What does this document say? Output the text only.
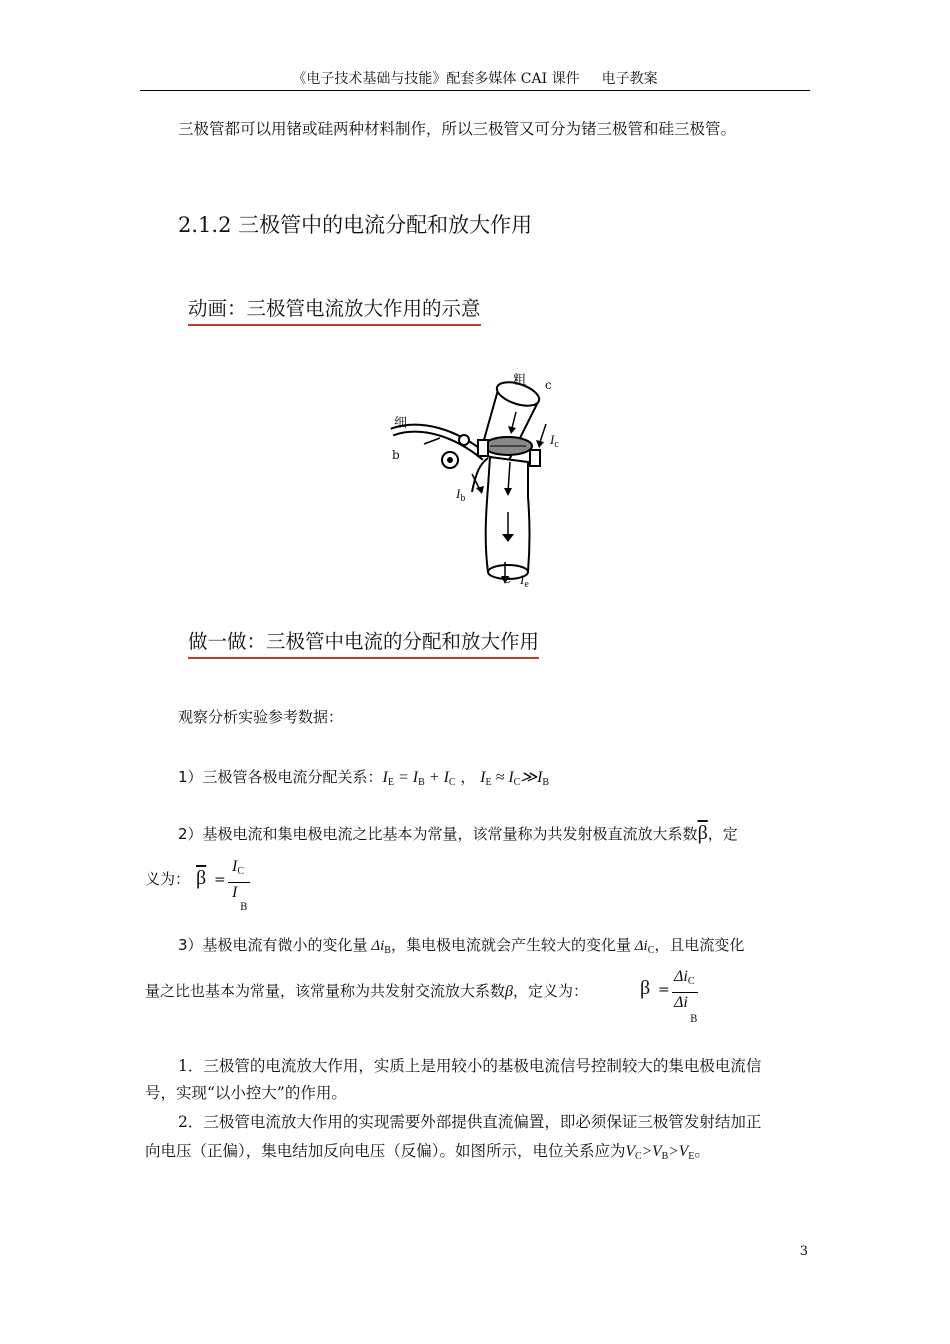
《电子技术基础与技能》配套多媒体 CAI 课件 电子教案
三极管都可以用锗或硅两种材料制作，所以三极管又可分为锗三极管和硅三极管。
2.1.2 三极管中的电流分配和放大作用
动画：三极管电流放大作用的示意
粗 c
细
b
$I_c$
$I_b$
e $I_e$
做一做：三极管中电流的分配和放大作用
观察分析实验参考数据：
1）三极管各极电流分配关系：$I_E = I_B + I_C$ ， $I_E$ ≈ $I_C≫I_B$
2）基极电流和集电极电流之比基本为常量，该常量称为共发射极直流放大系数$\overline{\beta}$，定
义为： $\overline{\beta}$ =
$I_C$
I
B
3）基极电流有微小的变化量 $\Delta i_B$，集电极电流就会产生较大的变化量 $\Delta i_C$，且电流变化
量之比也基本为常量，该常量称为共发射交流放大系数β，定义为：	β =
$\Delta i_C$
Δi
B
1．三极管的电流放大作用，实质上是用较小的基极电流信号控制较大的集电极电流信
号，实现“以小控大”的作用。
2．三极管电流放大作用的实现需要外部提供直流偏置，即必须保证三极管发射结加正
向电压（正偏），集电结加反向电压（反偏）。如图所示，电位关系应为$V_C>V_B>V_E$。
3
